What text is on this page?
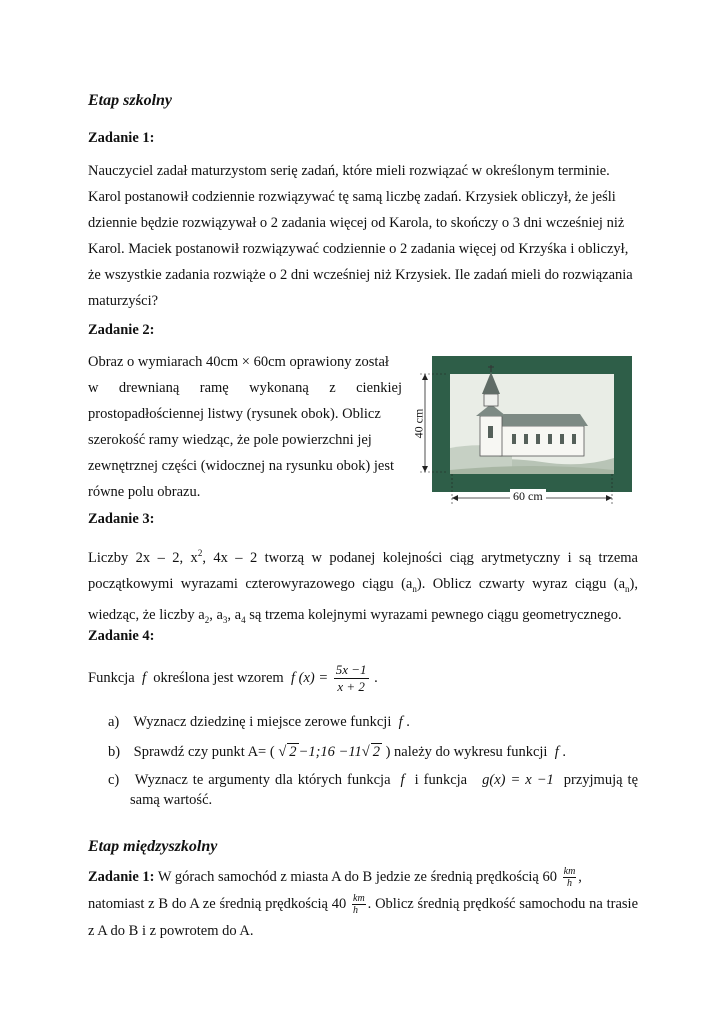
Etap szkolny
Zadanie 1:
Nauczyciel zadał maturzystom serię zadań, które mieli rozwiązać w określonym terminie.
Karol postanowił codziennie rozwiązywać tę samą liczbę zadań. Krzysiek obliczył, że jeśli
dziennie będzie rozwiązywał o 2 zadania więcej od Karola, to skończy o 3 dni wcześniej niż
Karol. Maciek postanowił rozwiązywać codziennie o 2 zadania więcej od Krzyśka i obliczył,
że wszystkie zadania rozwiąże o 2 dni wcześniej niż Krzysiek. Ile zadań mieli do rozwiązania
maturzyści?
Zadanie 2:
Obraz o wymiarach 40cm × 60cm oprawiony został
w drewnianą ramę wykonaną z cienkiej
prostopadłościennej listwy (rysunek obok). Oblicz
szerokość ramy wiedząc, że pole powierzchni jej
zewnętrznej części (widocznej na rysunku obok) jest
równe polu obrazu.
40 cm
60 cm
Zadanie 3:
Liczby 2x – 2, $x^2$, 4x – 2 tworzą w podanej kolejności ciąg arytmetyczny i są trzema
początkowymi wyrazami czterowyrazowego ciągu $(a_n)$. Oblicz czwarty wyraz ciągu $(a_n)$,
wiedząc, że liczby $a_2$, $a_3$, $a_4$ są trzema kolejnymi wyrazami pewnego ciągu geometrycznego.
Zadanie 4:
Funkcja f określona jest wzorem f $(x) = \frac{5x -1}{x + 2}$ .
a) Wyznacz dziedzinę i miejsce zerowe funkcji f .
b) Sprawdź czy punkt A= ( √ 2 −1;16 −11√ 2 ) należy do wykresu funkcji f .
c) Wyznacz te argumenty dla których funkcja f i funkcja g(x) = x −1 przyjmują tę
samą wartość.
Etap międzyszkolny
Zadanie 1: W górach samochód z miasta A do B jedzie ze średnią prędkością $60 \frac{km}{h}$ ,
natomiast z B do A ze średnią prędkością $40 \frac{km}{h}$ . Oblicz średnią prędkość samochodu na trasie
z A do B i z powrotem do A.
